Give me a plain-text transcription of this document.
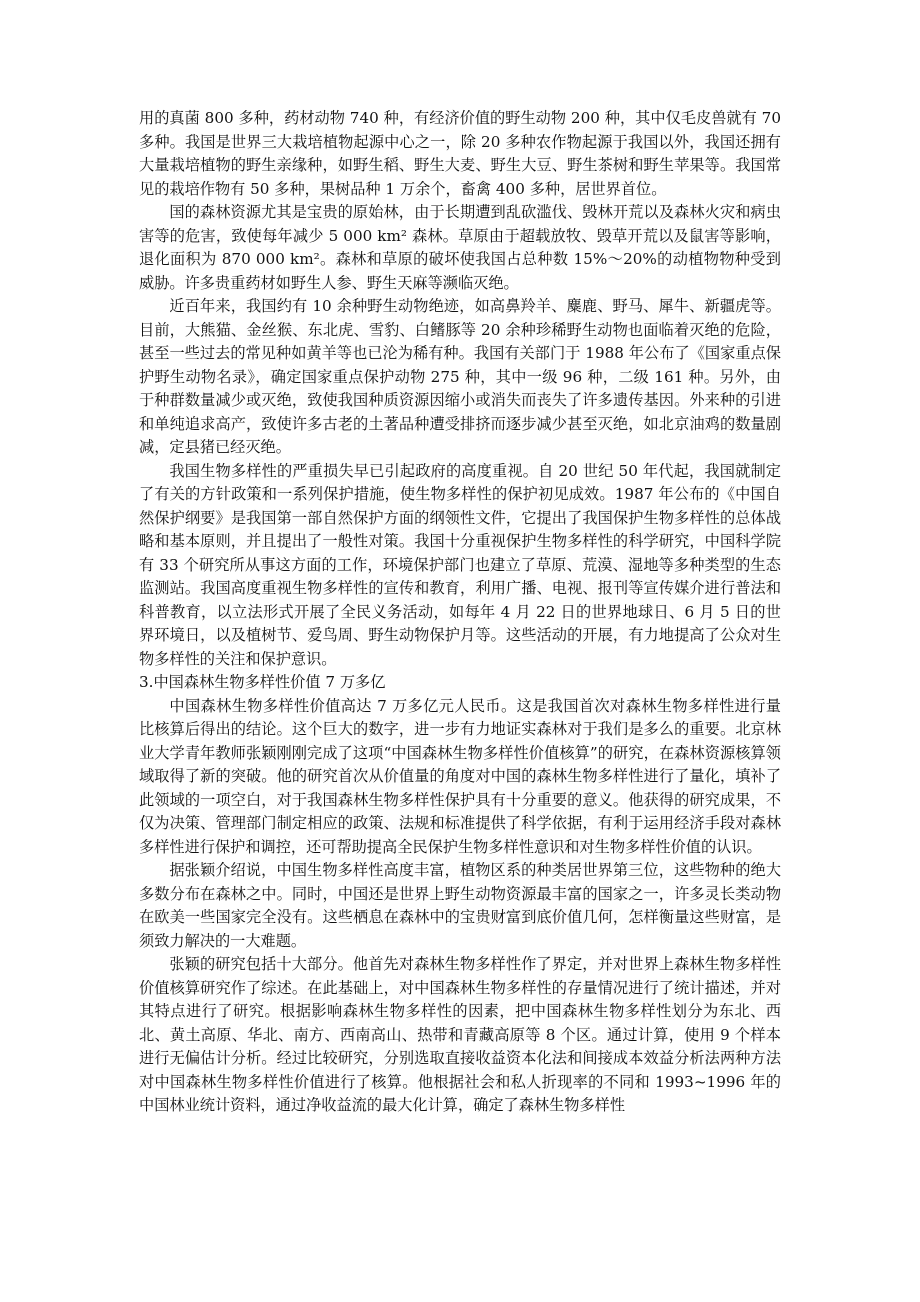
用的真菌 800 多种，药材动物 740 种，有经济价值的野生动物 200 种，其中仅毛皮兽就有 70 多种。我国是世界三大栽培植物起源中心之一，除 20 多种农作物起源于我国以外，我国还拥有大量栽培植物的野生亲缘种，如野生稻、野生大麦、野生大豆、野生茶树和野生苹果等。我国常见的栽培作物有 50 多种，果树品种 1 万余个，畜禽 400 多种，居世界首位。

国的森林资源尤其是宝贵的原始林，由于长期遭到乱砍滥伐、毁林开荒以及森林火灾和病虫害等的危害，致使每年减少 5 000 km² 森林。草原由于超载放牧、毁草开荒以及鼠害等影响，退化面积为 870 000 km²。森林和草原的破坏使我国占总种数 15%～20%的动植物物种受到威胁。许多贵重药材如野生人参、野生天麻等濒临灭绝。

近百年来，我国约有 10 余种野生动物绝迹，如高鼻羚羊、麋鹿、野马、犀牛、新疆虎等。目前，大熊猫、金丝猴、东北虎、雪豹、白鳍豚等 20 余种珍稀野生动物也面临着灭绝的危险，甚至一些过去的常见种如黄羊等也已沦为稀有种。我国有关部门于 1988 年公布了《国家重点保护野生动物名录》，确定国家重点保护动物 275 种，其中一级 96 种，二级 161 种。另外，由于种群数量减少或灭绝，致使我国种质资源因缩小或消失而丧失了许多遗传基因。外来种的引进和单纯追求高产，致使许多古老的土著品种遭受排挤而逐步减少甚至灭绝，如北京油鸡的数量剧减，定县猪已经灭绝。

我国生物多样性的严重损失早已引起政府的高度重视。自 20 世纪 50 年代起，我国就制定了有关的方针政策和一系列保护措施，使生物多样性的保护初见成效。1987 年公布的《中国自然保护纲要》是我国第一部自然保护方面的纲领性文件，它提出了我国保护生物多样性的总体战略和基本原则，并且提出了一般性对策。我国十分重视保护生物多样性的科学研究，中国科学院有 33 个研究所从事这方面的工作，环境保护部门也建立了草原、荒漠、湿地等多种类型的生态监测站。我国高度重视生物多样性的宣传和教育，利用广播、电视、报刊等宣传媒介进行普法和科普教育，以立法形式开展了全民义务活动，如每年 4 月 22 日的世界地球日、6 月 5 日的世界环境日，以及植树节、爱鸟周、野生动物保护月等。这些活动的开展，有力地提高了公众对生物多样性的关注和保护意识。

3.中国森林生物多样性价值 7 万多亿

中国森林生物多样性价值高达 7 万多亿元人民币。这是我国首次对森林生物多样性进行量比核算后得出的结论。这个巨大的数字，进一步有力地证实森林对于我们是多么的重要。北京林业大学青年教师张颖刚刚完成了这项“中国森林生物多样性价值核算”的研究，在森林资源核算领域取得了新的突破。他的研究首次从价值量的角度对中国的森林生物多样性进行了量化，填补了此领域的一项空白，对于我国森林生物多样性保护具有十分重要的意义。他获得的研究成果，不仅为决策、管理部门制定相应的政策、法规和标准提供了科学依据，有利于运用经济手段对森林多样性进行保护和调控，还可帮助提高全民保护生物多样性意识和对生物多样性价值的认识。

据张颖介绍说，中国生物多样性高度丰富，植物区系的种类居世界第三位，这些物种的绝大多数分布在森林之中。同时，中国还是世界上野生动物资源最丰富的国家之一，许多灵长类动物在欧美一些国家完全没有。这些栖息在森林中的宝贵财富到底价值几何，怎样衡量这些财富，是须致力解决的一大难题。

张颖的研究包括十大部分。他首先对森林生物多样性作了界定，并对世界上森林生物多样性价值核算研究作了综述。在此基础上，对中国森林生物多样性的存量情况进行了统计描述，并对其特点进行了研究。根据影响森林生物多样性的因素，把中国森林生物多样性划分为东北、西北、黄土高原、华北、南方、西南高山、热带和青藏高原等 8 个区。通过计算，使用 9 个样本进行无偏估计分析。经过比较研究，分别选取直接收益资本化法和间接成本效益分析法两种方法对中国森林生物多样性价值进行了核算。他根据社会和私人折现率的不同和 1993~1996 年的中国林业统计资料，通过净收益流的最大化计算，确定了森林生物多样性
